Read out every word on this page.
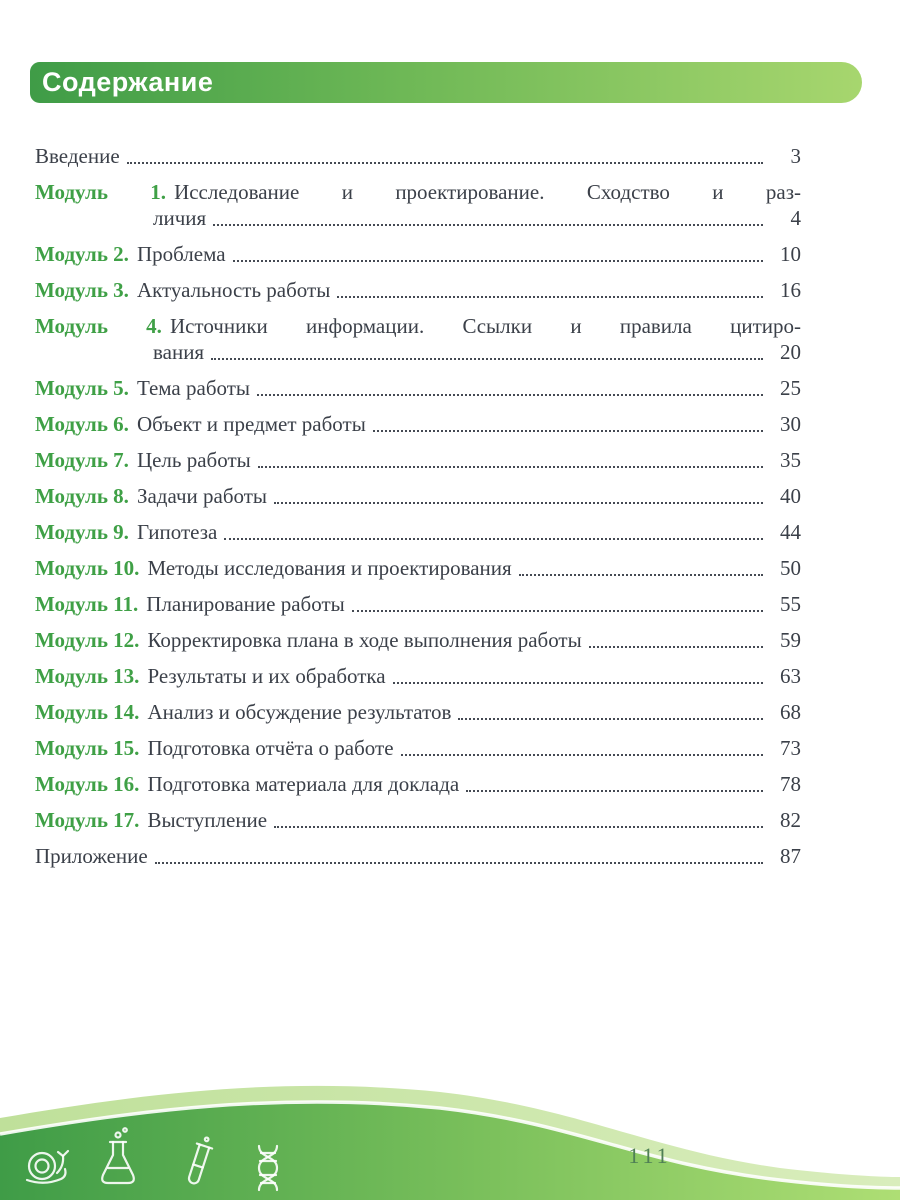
Содержание
Введение	3
Модуль 1. Исследование и проектирование. Сходство и раз-
личия	4
Модуль 2. Проблема	10
Модуль 3. Актуальность работы	16
Модуль 4. Источники информации. Ссылки и правила цитиро-
вания	20
Модуль 5. Тема работы	25
Модуль 6. Объект и предмет работы	30
Модуль 7. Цель работы	35
Модуль 8. Задачи работы	40
Модуль 9. Гипотеза	44
Модуль 10. Методы исследования и проектирования	50
Модуль 11. Планирование работы	55
Модуль 12. Корректировка плана в ходе выполнения работы	59
Модуль 13. Результаты и их обработка	63
Модуль 14. Анализ и обсуждение результатов	68
Модуль 15. Подготовка отчёта о работе	73
Модуль 16. Подготовка материала для доклада	78
Модуль 17. Выступление	82
Приложение	87
111
